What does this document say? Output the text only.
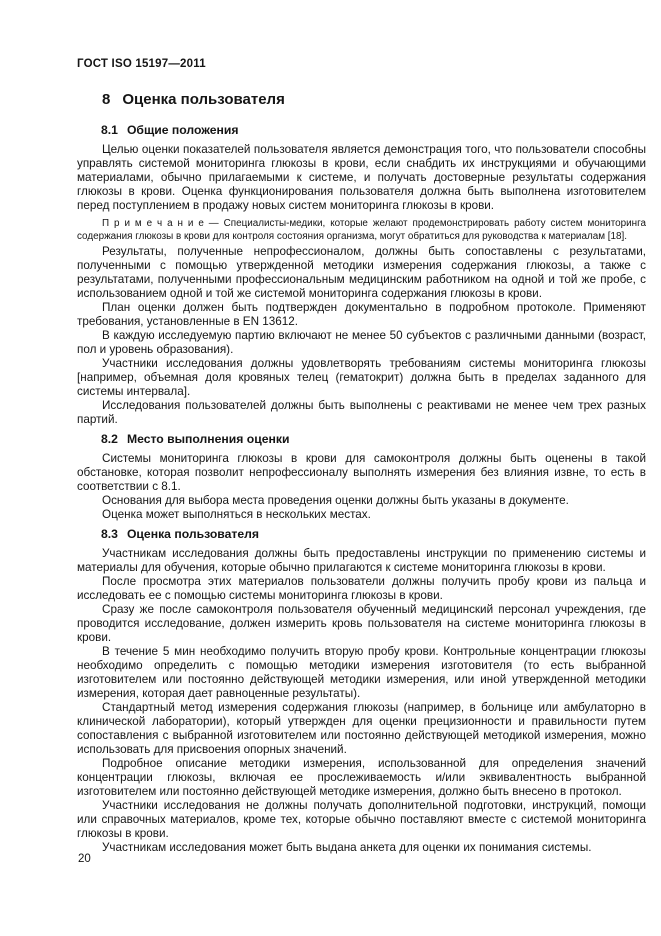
ГОСТ ISO 15197—2011
8 Оценка пользователя
8.1 Общие положения

Целью оценки показателей пользователя является демонстрация того, что пользователи способны управлять системой мониторинга глюкозы в крови, если снабдить их инструкциями и обучающими материалами, обычно прилагаемыми к системе, и получать достоверные результаты содержания глюкозы в крови. Оценка функционирования пользователя должна быть выполнена изготовителем перед поступлением в продажу новых систем мониторинга глюкозы в крови.

П р и м е ч а н и е — Специалисты-медики, которые желают продемонстрировать работу систем мониторинга содержания глюкозы в крови для контроля состояния организма, могут обратиться для руководства к материалам [18].

Результаты, полученные непрофессионалом, должны быть сопоставлены с результатами, полученными с помощью утвержденной методики измерения содержания глюкозы, а также с результатами, полученными профессиональным медицинским работником на одной и той же пробе, с использованием одной и той же системой мониторинга содержания глюкозы в крови.

План оценки должен быть подтвержден документально в подробном протоколе. Применяют требования, установленные в EN 13612.

В каждую исследуемую партию включают не менее 50 субъектов с различными данными (возраст, пол и уровень образования).

Участники исследования должны удовлетворять требованиям системы мониторинга глюкозы [например, объемная доля кровяных телец (гематокрит) должна быть в пределах заданного для системы интервала].

Исследования пользователей должны быть выполнены с реактивами не менее чем трех разных партий.

8.2 Место выполнения оценки

Системы мониторинга глюкозы в крови для самоконтроля должны быть оценены в такой обстановке, которая позволит непрофессионалу выполнять измерения без влияния извне, то есть в соответствии с 8.1.

Основания для выбора места проведения оценки должны быть указаны в документе.

Оценка может выполняться в нескольких местах.

8.3 Оценка пользователя

Участникам исследования должны быть предоставлены инструкции по применению системы и материалы для обучения, которые обычно прилагаются к системе мониторинга глюкозы в крови.

После просмотра этих материалов пользователи должны получить пробу крови из пальца и исследовать ее с помощью системы мониторинга глюкозы в крови.

Сразу же после самоконтроля пользователя обученный медицинский персонал учреждения, где проводится исследование, должен измерить кровь пользователя на системе мониторинга глюкозы в крови.

В течение 5 мин необходимо получить вторую пробу крови. Контрольные концентрации глюкозы необходимо определить с помощью методики измерения изготовителя (то есть выбранной изготовителем или постоянно действующей методики измерения, или иной утвержденной методики измерения, которая дает равноценные результаты).

Стандартный метод измерения содержания глюкозы (например, в больнице или амбулаторно в клинической лаборатории), который утвержден для оценки прецизионности и правильности путем сопоставления с выбранной изготовителем или постоянно действующей методикой измерения, можно использовать для присвоения опорных значений.

Подробное описание методики измерения, использованной для определения значений концентрации глюкозы, включая ее прослеживаемость и/или эквивалентность выбранной изготовителем или постоянно действующей методике измерения, должно быть внесено в протокол.

Участники исследования не должны получать дополнительной подготовки, инструкций, помощи или справочных материалов, кроме тех, которые обычно поставляют вместе с системой мониторинга глюкозы в крови.

Участникам исследования может быть выдана анкета для оценки их понимания системы.

20
